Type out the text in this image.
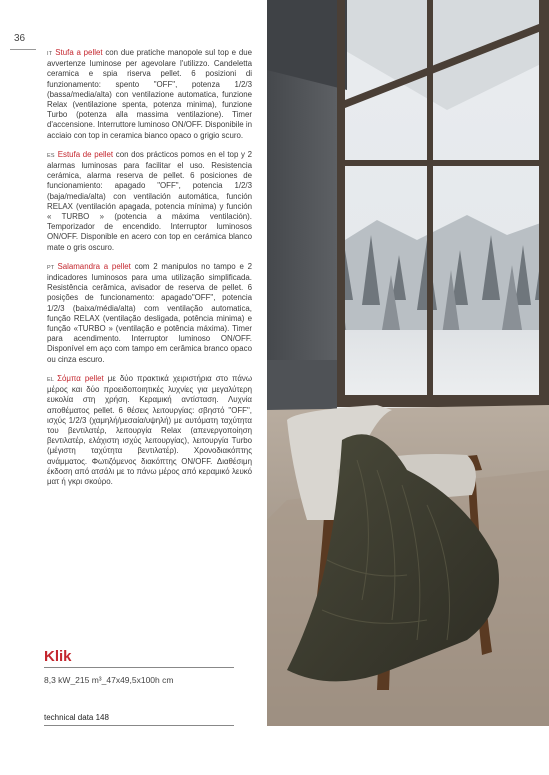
36

IT Stufa a pellet con due pratiche manopole sul top e due avvertenze luminose per agevolare l'utilizzo. Candeletta ceramica e spia riserva pellet. 6 posizioni di funzionamento: spento "OFF", potenza 1/2/3 (bassa/media/alta) con ventilazione automatica, funzione Relax (ventilazione spenta, potenza minima), funzione Turbo (potenza alla massima ventilazione). Timer d'accensione. Interruttore luminoso ON/OFF. Disponibile in acciaio con top in ceramica bianco opaco o grigio scuro.

ES Estufa de pellet con dos prácticos pomos en el top y 2 alarmas luminosas para facilitar el uso. Resistencia cerámica, alarma reserva de pellet. 6 posiciones de funcionamiento: apagado "OFF", potencia 1/2/3 (baja/media/alta) con ventilación automática, función RELAX (ventilación apagada, potencia mínima) y función « TURBO » (potencia a máxima ventilación). Temporizador de encendido. Interruptor luminosos ON/OFF. Disponible en acero con top en cerámica blanco mate o gris oscuro.

PT Salamandra a pellet com 2 manipulos no tampo e 2 indicadores luminosos para uma utilização simplificada. Resistência cerâmica, avisador de reserva de pellet. 6 posições de funcionamento: apagado"OFF", potencia 1/2/3 (baixa/média/alta) com ventilação automatica, função RELAX (ventilação desligada, potência minima) e função «TURBO » (ventilação e potência máxima). Timer para acendimento. Interruptor luminoso ON/OFF. Disponível em aço com tampo em cerâmica branco opaco ou cinza escuro.

EL Σόμπα pellet με δύο πρακτικά χειριστήρια στο πάνω μέρος και δύο προειδοποιητικές λυχνίες για μεγαλύτερη ευκολία στη χρήση. Κεραμική αντίσταση. Λυχνία αποθέματος pellet. 6 θέσεις λειτουργίας: σβηστό "OFF", ισχύς 1/2/3 (χαμηλή/μεσαία/υψηλή) με αυτόματη ταχύτητα του βεντιλατέρ, λειτουργία Relax (απενεργοποίηση βεντιλατέρ, ελάχιστη ισχύς λειτουργίας), λειτουργία Turbo (μέγιστη ταχύτητα βεντιλατέρ). Χρονοδιακόπτης ανάμματος. Φωτιζόμενος διακόπτης ON/OFF. Διαθέσιμη έκδοση από ατσάλι με το πάνω μέρος από κεραμικό λευκό ματ ή γκρι σκούρο.

Klik
8,3 kW_215 m³_47x49,5x100h cm
technical data 148
